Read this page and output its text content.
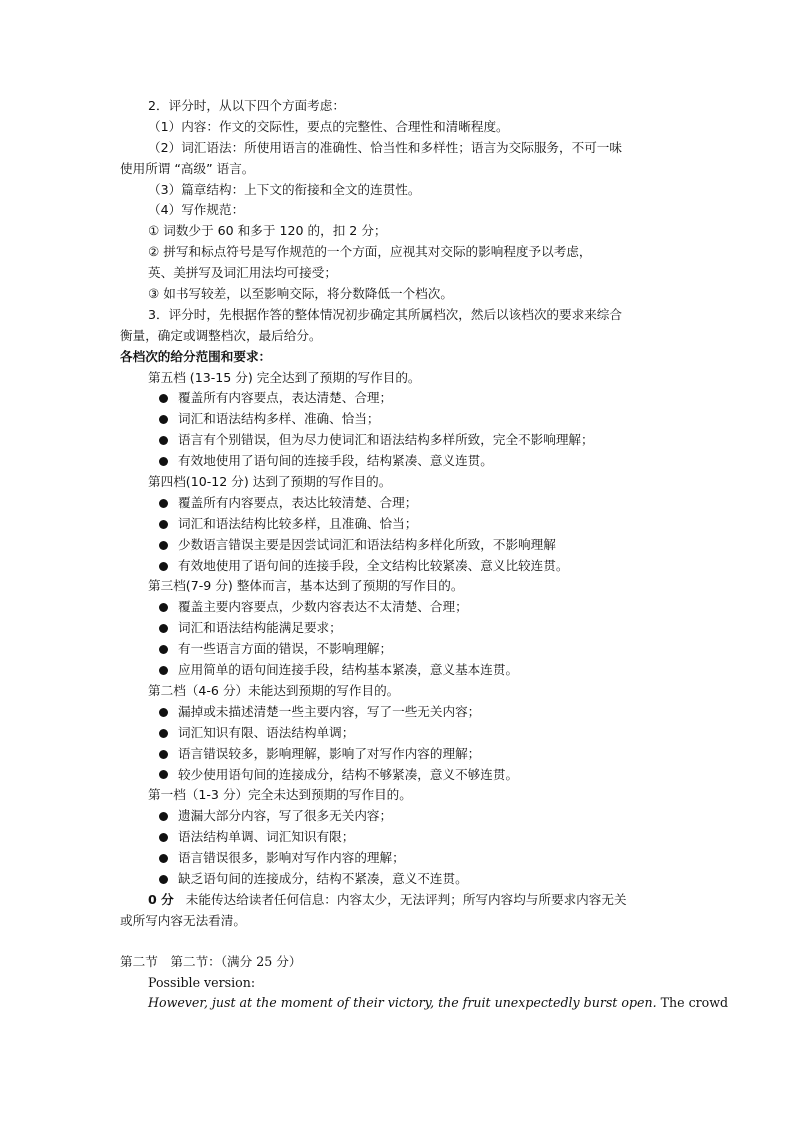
2．评分时，从以下四个方面考虑：
（1）内容：作文的交际性，要点的完整性、合理性和清晰程度。
（2）词汇语法：所使用语言的准确性、恰当性和多样性；语言为交际服务，不可一味
使用所谓 “高级” 语言。
（3）篇章结构：上下文的衔接和全文的连贯性。
（4）写作规范：
① 词数少于 60 和多于 120 的，扣 2 分；
② 拼写和标点符号是写作规范的一个方面，应视其对交际的影响程度予以考虑，
英、美拼写及词汇用法均可接受；
③ 如书写较差，以至影响交际，将分数降低一个档次。
3．评分时，先根据作答的整体情况初步确定其所属档次，然后以该档次的要求来综合
衡量，确定或调整档次，最后给分。
各档次的给分范围和要求：
第五档 (13-15 分) 完全达到了预期的写作目的。
覆盖所有内容要点，表达清楚、合理；
词汇和语法结构多样、准确、恰当；
语言有个别错误，但为尽力使词汇和语法结构多样所致，完全不影响理解；
有效地使用了语句间的连接手段，结构紧凑、意义连贯。
第四档(10-12 分) 达到了预期的写作目的。
覆盖所有内容要点，表达比较清楚、合理；
词汇和语法结构比较多样，且准确、恰当；
少数语言错误主要是因尝试词汇和语法结构多样化所致，不影响理解
有效地使用了语句间的连接手段，全文结构比较紧凑、意义比较连贯。
第三档(7-9 分) 整体而言，基本达到了预期的写作目的。
覆盖主要内容要点，少数内容表达不太清楚、合理；
词汇和语法结构能满足要求；
有一些语言方面的错误，不影响理解；
应用简单的语句间连接手段，结构基本紧凑，意义基本连贯。
第二档（4-6 分）未能达到预期的写作目的。
漏掉或未描述清楚一些主要内容，写了一些无关内容；
词汇知识有限、语法结构单调；
语言错误较多，影响理解，影响了对写作内容的理解；
较少使用语句间的连接成分，结构不够紧凑，意义不够连贯。
第一档（1-3 分）完全未达到预期的写作目的。
遗漏大部分内容，写了很多无关内容；
语法结构单调、词汇知识有限；
语言错误很多，影响对写作内容的理解；
缺乏语句间的连接成分，结构不紧凑，意义不连贯。
0 分 未能传达给读者任何信息：内容太少，无法评判；所写内容均与所要求内容无关
或所写内容无法看清。
第二节　第二节：（满分 25 分）
Possible version:
However, just at the moment of their victory, the fruit unexpectedly burst open. The crowd
